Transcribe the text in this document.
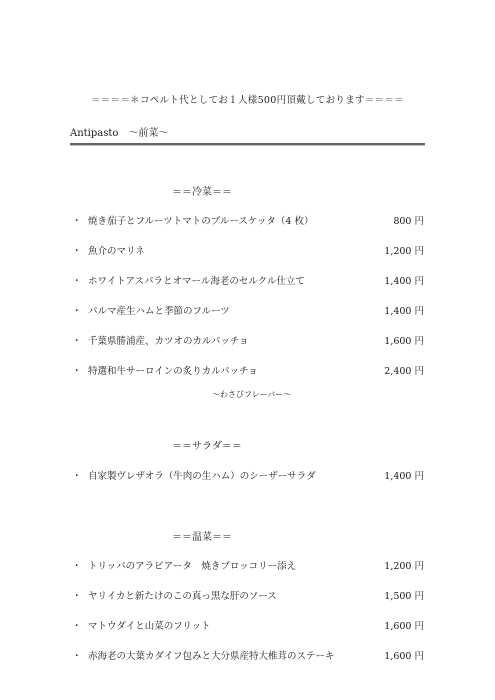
＝＝＝＝＊コペルト代としてお１人様500円頂戴しております＝＝＝＝
Antipasto　～前菜～
＝＝冷菜＝＝
・ 焼き茄子とフルーツトマトのブルースケッタ（4 枚）	800 円
・ 魚介のマリネ	1,200 円
・ ホワイトアスパラとオマール海老のセルクル仕立て	1,400 円
・ パルマ産生ハムと季節のフルーツ	1,400 円
・ 千葉県勝浦産、カツオのカルパッチョ	1,600 円
・ 特選和牛サーロインの炙りカルパッチョ	2,400 円
～わさびフレーバー～
＝＝サラダ＝＝
・ 自家製ヴレザオラ（牛肉の生ハム）のシーザーサラダ	1,400 円
＝＝温菜＝＝
・ トリッパのアラビアータ　焼きブロッコリー添え	1,200 円
・ ヤリイカと新たけのこの真っ黒な肝のソース	1,500 円
・ マトウダイと山菜のフリット	1,600 円
・ 赤海老の大葉カダイフ包みと大分県産特大椎茸のステーキ	1,600 円
